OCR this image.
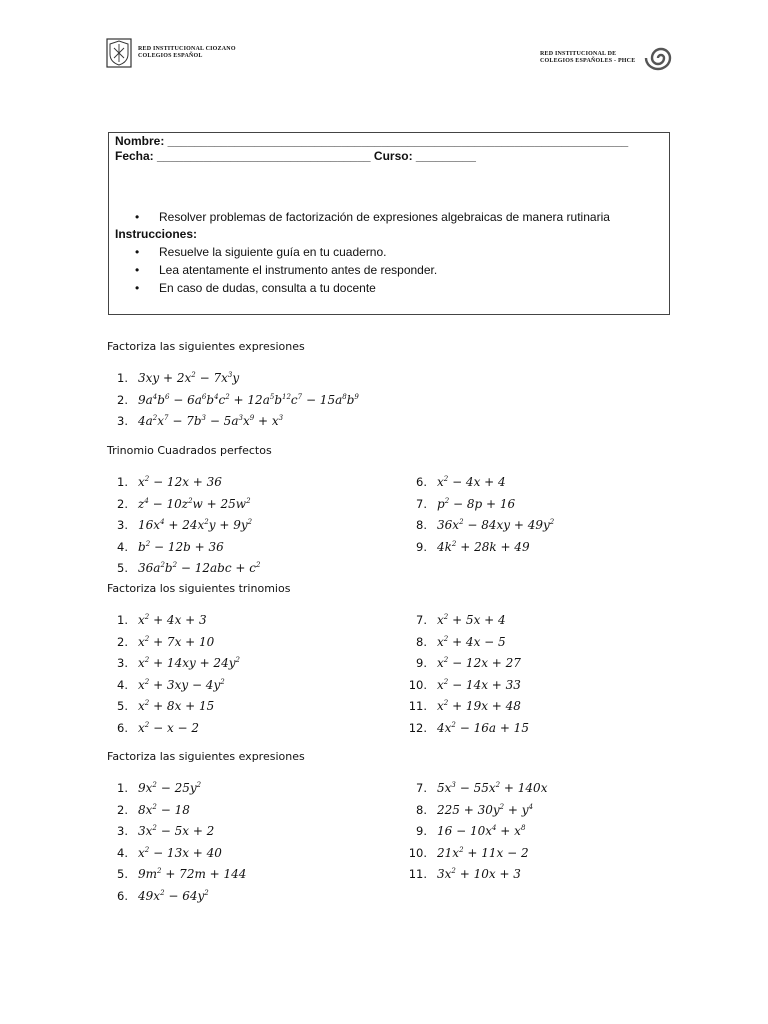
RED INSTITUCIONAL CIOZANO
COLEGIOS ESPAÑOL	RED INSTITUCIONAL DE
COLEGIOS ESPAÑOLES - PHCE
Nombre: _____________________________________________________________________
Fecha: ________________________________ Curso: _________
• Resolver problemas de factorización de expresiones algebraicas de manera rutinaria
Instrucciones:
• Resuelve la siguiente guía en tu cuaderno.
• Lea atentamente el instrumento antes de responder.
• En caso de dudas, consulta a tu docente
Factoriza las siguientes expresiones
1. $3xy + 2x^2 - 7x^3y$
2. $9a^4b^6 - 6a^6b^4c^2 + 12a^5b^{12}c^7 - 15a^8b^9$
3. $4a^2x^7 - 7b^3 - 5a^3x^9 + x^3$
Trinomio Cuadrados perfectos
1. $x^2 - 12x + 36$
2. $z^4 - 10z^2w + 25w^2$
3. $16x^4 + 24x^2y + 9y^2$
4. $b^2 - 12b + 36$
5. $36a^2b^2 - 12abc + c^2$
6. $x^2 - 4x + 4$
7. $p^2 - 8p + 16$
8. $36x^2 - 84xy + 49y^2$
9. $4k^2 + 28k + 49$
Factoriza los siguientes trinomios
1. $x^2 + 4x + 3$
2. $x^2 + 7x + 10$
3. $x^2 + 14xy + 24y^2$
4. $x^2 + 3xy - 4y^2$
5. $x^2 + 8x + 15$
6. $x^2 - x - 2$
7. $x^2 + 5x + 4$
8. $x^2 + 4x - 5$
9. $x^2 - 12x + 27$
10. $x^2 - 14x + 33$
11. $x^2 + 19x + 48$
12. $4x^2 - 16a + 15$
Factoriza las siguientes expresiones
1. $9x^2 - 25y^2$
2. $8x^2 - 18$
3. $3x^2 - 5x + 2$
4. $x^2 - 13x + 40$
5. $9m^2 + 72m + 144$
6. $49x^2 - 64y^2$
7. $5x^3 - 55x^2 + 140x$
8. $225 + 30y^2 + y^4$
9. $16 - 10x^4 + x^8$
10. $21x^2 + 11x - 2$
11. $3x^2 + 10x + 3$
